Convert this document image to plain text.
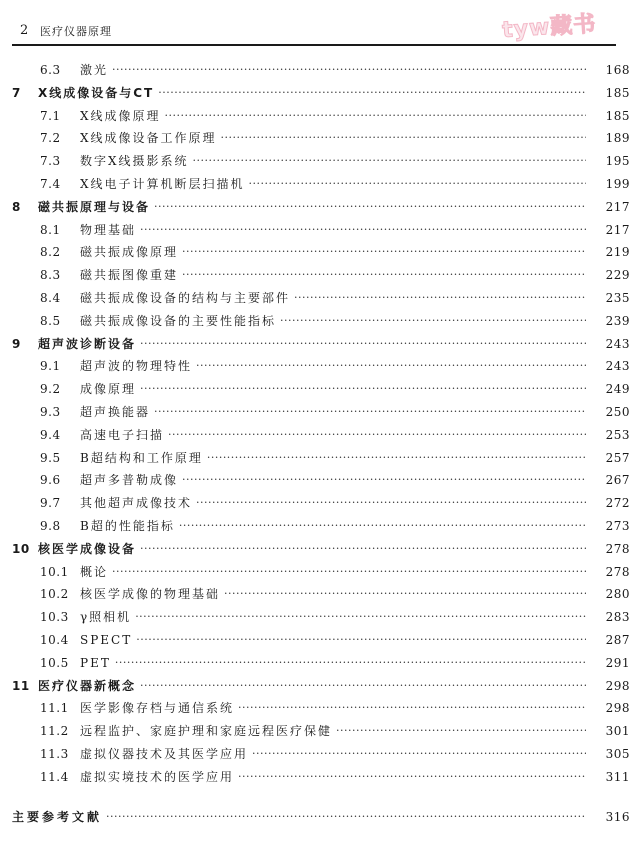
2 医疗仪器原理	tyw藏书
6.3	激光 ·····	168
7	X线成像设备与CT ·····	185
7.1	X线成像原理 ·····	185
7.2	X线成像设备工作原理 ·····	189
7.3	数字X线摄影系统 ·····	195
7.4	X线电子计算机断层扫描机 ·····	199
8	磁共振原理与设备 ·····	217
8.1	物理基础 ·····	217
8.2	磁共振成像原理 ·····	219
8.3	磁共振图像重建 ·····	229
8.4	磁共振成像设备的结构与主要部件 ·····	235
8.5	磁共振成像设备的主要性能指标 ·····	239
9	超声波诊断设备 ·····	243
9.1	超声波的物理特性 ·····	243
9.2	成像原理 ·····	249
9.3	超声换能器 ·····	250
9.4	高速电子扫描 ·····	253
9.5	B超结构和工作原理 ·····	257
9.6	超声多普勒成像 ·····	267
9.7	其他超声成像技术 ·····	272
9.8	B超的性能指标 ·····	273
10 核医学成像设备 ·····	278
10.1 概论 ·····	278
10.2 核医学成像的物理基础 ·····	280
10.3 γ照相机 ·····	283
10.4 SPECT ·····	287
10.5 PET ·····	291
11 医疗仪器新概念 ·····	298
11.1 医学影像存档与通信系统 ·····	298
11.2 远程监护、家庭护理和家庭远程医疗保健 ·····	301
11.3 虚拟仪器技术及其医学应用 ·····	305
11.4 虚拟实境技术的医学应用 ·····	311
主要参考文献 ·····	316
